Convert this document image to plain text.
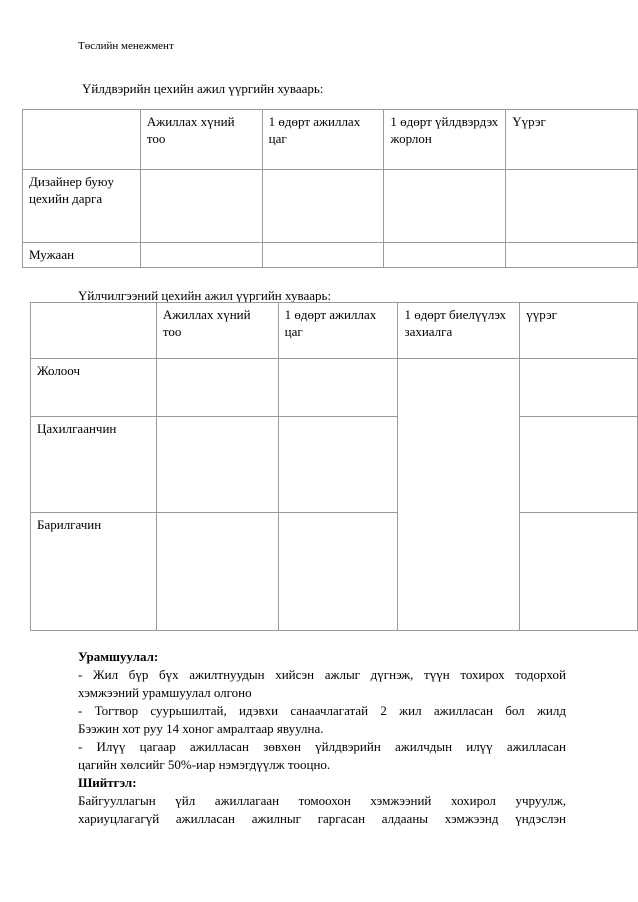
Төслийн менежмент
Үйлдвэрийн цехийн ажил үүргийн хуваарь:
	Ажиллах хүний тоо	1 өдөрт ажиллах цаг	1 өдөрт үйлдвэрдэх жорлон	Үүрэг
Дизайнер буюу цехийн дарга				
Мужаан				
Үйлчилгээний цехийн ажил үүргийн хуваарь:
	Ажиллах хүний тоо	1 өдөрт ажиллах цаг	1 өдөрт биелүүлэх захиалга	үүрэг
Жолооч				
Цахилгаанчин				
Барилгачин				

Урамшуулал:

- Жил бүр бүх ажилтнуудын хийсэн ажлыг дүгнэж, түүн тохирох тодорхой

хэмжээний урамшуулал олгоно

- Тогтвор суурьшилтай, идэвхи санаачлагатай 2 жил ажилласан бол жилд

Бээжин хот руу 14 хоног амралтаар явуулна.

- Илүү цагаар ажилласан зөвхөн үйлдвэрийн ажилчдын илүү ажилласан

цагийн хөлсийг 50%-иар нэмэгдүүлж тооцно.

Шийтгэл:

Байгууллагын үйл ажиллагаан томоохон хэмжээний хохирол учруулж,

хариуцлагагүй ажилласан ажилныг гаргасан алдааны хэмжээнд үндэслэн
